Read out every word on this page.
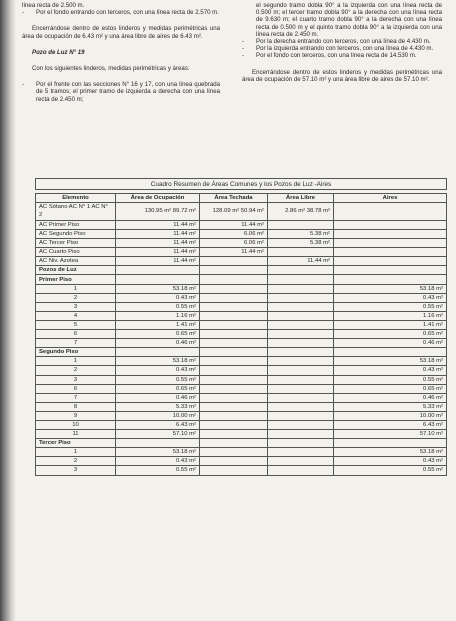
línea recta de 2.500 m.

- Por el fondo entrando con terceros, con una línea recta de 2.570 m.

Encerrándose dentro de estos linderos y medidas perimétricas una área de ocupación de 6.43 m² y una área libre de aires de 6.43 m².

Pozo de Luz N° 19

Con los siguientes linderos, medidas perimétricas y áreas:

- Por el frente con las secciones N° 16 y 17, con una línea quebrada de 5 tramos; el primer tramo de izquierda a derecha con una línea recta de 2.450 m;

el segundo tramo dobla 90° a la izquierda con una línea recta de 0.500 m; el tercer tramo dobla 90° a la derecha con una línea recta de 9.630 m; el cuarto tramo dobla 90° a la derecha con una línea recta de 0.500 m y el quinto tramo dobla 90° a la izquierda con una línea recta de 2.450 m.

- Por la derecha entrando con terceros, con una línea de 4.430 m.

- Por la izquierda entrando con terceros, con una línea de 4.430 m.

- Por el fondo con terceros, con una línea recta de 14.530 m.

Encerrándose dentro de estos linderos y medidas perimétricas una área de ocupación de 57.10 m² y una área libre de aires de 57.10 m².

Cuadro Resumen de Áreas Comunes y los Pozos de Luz -Aires				

Elemento	Área de Ocupación	Área Techada	Área Libre	Aires
AC Sótano AC N° 1 AC N° 2	130.95 m² 89.72 m²	128.09 m² 50.94 m²	2.86 m² 38.78 m²	
AC Primer Piso	11.44 m²	11.44 m²		
AC Segundo Piso	11.44 m²	6.06 m²	5.38 m²	
AC Tercer Piso	11.44 m²	6.06 m²	5.38 m²	
AC Cuarto Piso	11.44 m²	11.44 m²		
AC Niv. Azotea	11.44 m²		11.44 m²	
Pozos de Luz				
Primer Piso				
1	53.18 m²			53.18 m²
2	0.43 m²			0.43 m²
3	0.55 m²			0.55 m²
4	1.16 m²			1.16 m²
5	1.41 m²			1.41 m²
6	0.65 m²			0.65 m²
7	0.46 m²			0.46 m²
Segundo Piso				
1	53.18 m²			53.18 m²
2	0.43 m²			0.43 m²
3	0.55 m²			0.55 m²
6	0.65 m²			0.65 m²
7	0.46 m²			0.46 m²
8	5.33 m²			5.33 m²
9	10.00 m²			10.00 m²
10	6.43 m²			6.43 m²
11	57.10 m²			57.10 m²
Tercer Piso				
1	53.18 m²			53.18 m²
2	0.43 m²			0.43 m²
3	0.55 m²			0.55 m²
